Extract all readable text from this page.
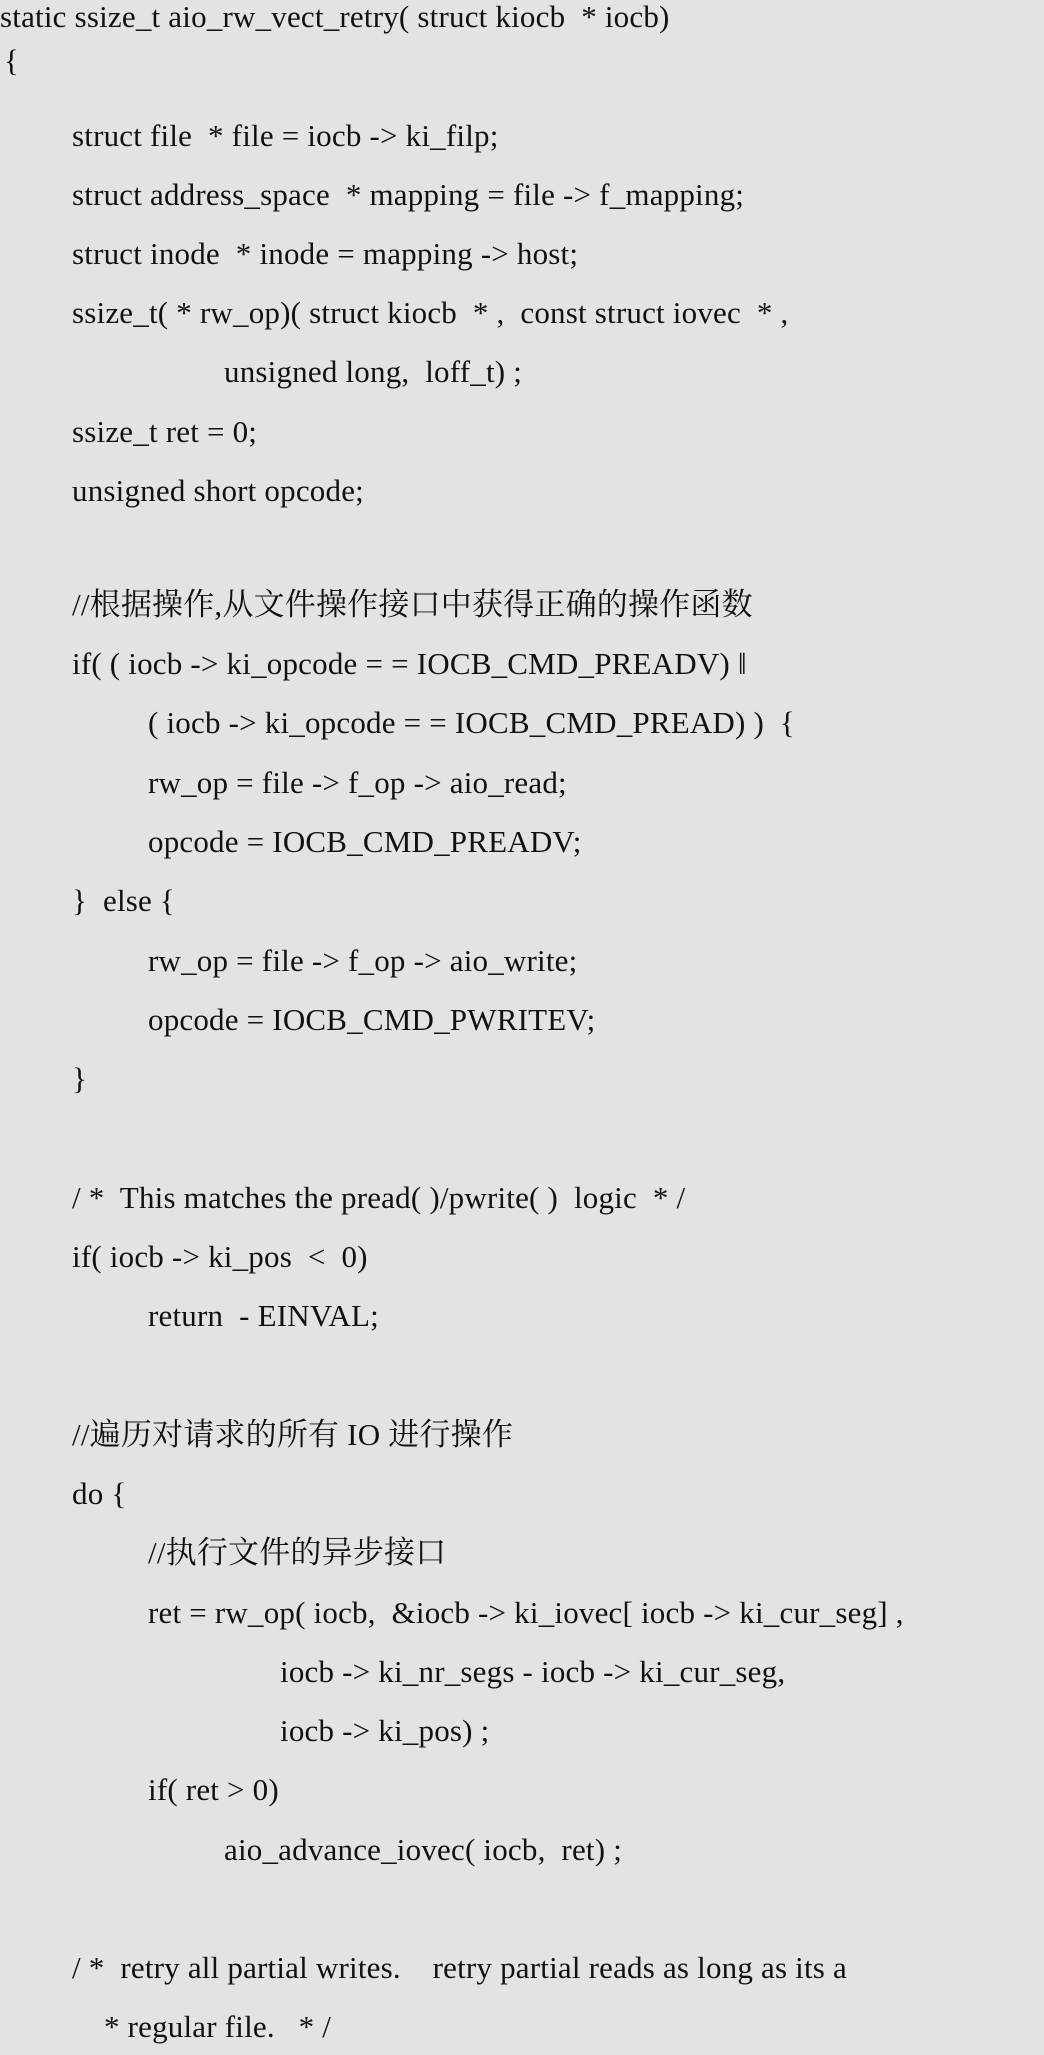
static ssize_t aio_rw_vect_retry( struct kiocb  * iocb)
{
struct file  * file = iocb -> ki_filp;
struct address_space  * mapping = file -> f_mapping;
struct inode  * inode = mapping -> host;
ssize_t( * rw_op)( struct kiocb  * ,  const struct iovec  * ,
unsigned long,  loff_t) ;
ssize_t ret = 0;
unsigned short opcode;
//根据操作,从文件操作接口中获得正确的操作函数
if( ( iocb -> ki_opcode = = IOCB_CMD_PREADV) ‖
( iocb -> ki_opcode = = IOCB_CMD_PREAD) )  {
rw_op = file -> f_op -> aio_read;
opcode = IOCB_CMD_PREADV;
}  else {
rw_op = file -> f_op -> aio_write;
opcode = IOCB_CMD_PWRITEV;
}
/ *  This matches the pread( )/pwrite( )  logic  * /
if( iocb -> ki_pos  <  0)
return  - EINVAL;
//遍历对请求的所有 IO 进行操作
do {
//执行文件的异步接口
ret = rw_op( iocb,  &iocb -> ki_iovec[ iocb -> ki_cur_seg] ,
iocb -> ki_nr_segs - iocb -> ki_cur_seg,
iocb -> ki_pos) ;
if( ret > 0)
aio_advance_iovec( iocb,  ret) ;
/ *  retry all partial writes.    retry partial reads as long as its a
* regular file.   * /
